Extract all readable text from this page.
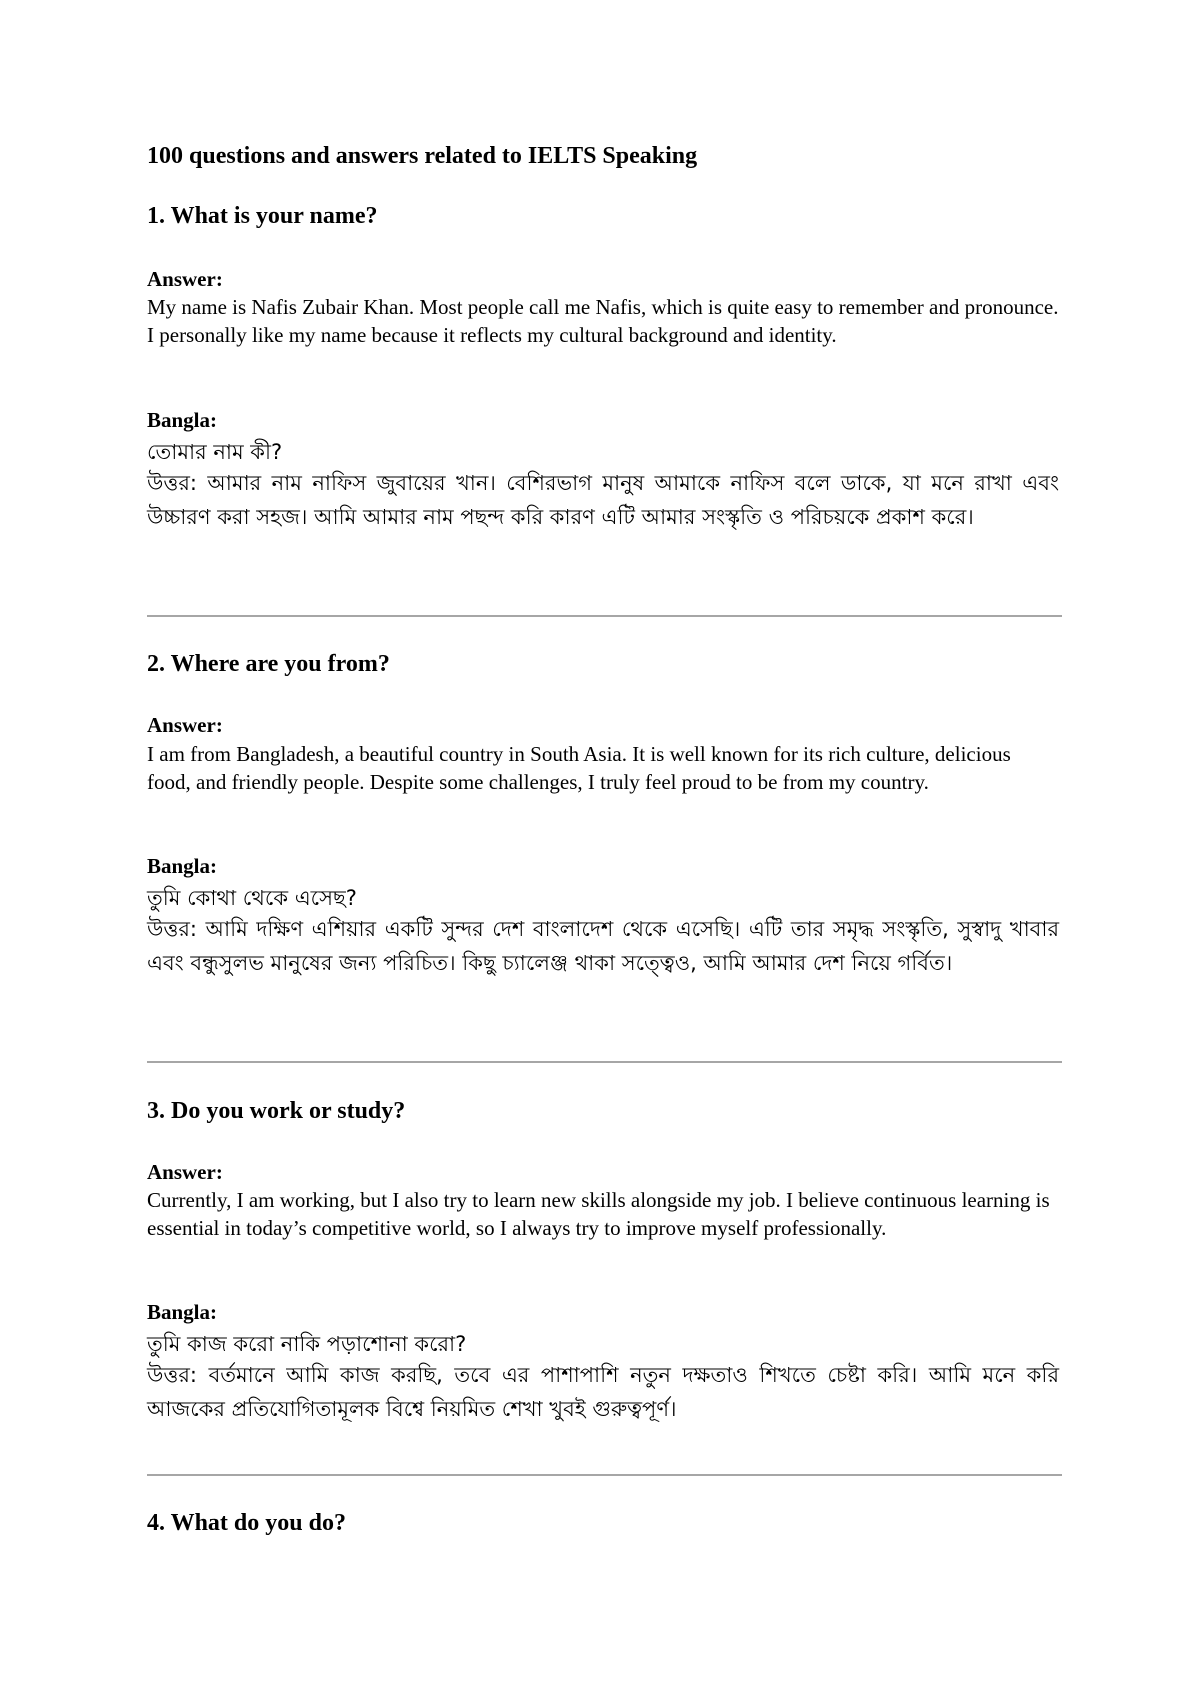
100 questions and answers related to IELTS Speaking
1. What is your name?
Answer:
My name is Nafis Zubair Khan. Most people call me Nafis, which is quite easy to remember and pronounce. I personally like my name because it reflects my cultural background and identity.
Bangla:
তোমার নাম কী?
উত্তর: আমার নাম নাফিস জুবায়ের খান। বেশিরভাগ মানুষ আমাকে নাফিস বলে ডাকে, যা মনে রাখা এবং উচ্চারণ করা সহজ। আমি আমার নাম পছন্দ করি কারণ এটি আমার সংস্কৃতি ও পরিচয়কে প্রকাশ করে।
2. Where are you from?
Answer:
I am from Bangladesh, a beautiful country in South Asia. It is well known for its rich culture, delicious food, and friendly people. Despite some challenges, I truly feel proud to be from my country.
Bangla:
তুমি কোথা থেকে এসেছ?
উত্তর: আমি দক্ষিণ এশিয়ার একটি সুন্দর দেশ বাংলাদেশ থেকে এসেছি। এটি তার সমৃদ্ধ সংস্কৃতি, সুস্বাদু খাবার এবং বন্ধুসুলভ মানুষের জন্য পরিচিত। কিছু চ্যালেঞ্জ থাকা সত্ত্বেও, আমি আমার দেশ নিয়ে গর্বিত।
3. Do you work or study?
Answer:
Currently, I am working, but I also try to learn new skills alongside my job. I believe continuous learning is essential in today’s competitive world, so I always try to improve myself professionally.
Bangla:
তুমি কাজ করো নাকি পড়াশোনা করো?
উত্তর: বর্তমানে আমি কাজ করছি, তবে এর পাশাপাশি নতুন দক্ষতাও শিখতে চেষ্টা করি। আমি মনে করি আজকের প্রতিযোগিতামূলক বিশ্বে নিয়মিত শেখা খুবই গুরুত্বপূর্ণ।
4. What do you do?
